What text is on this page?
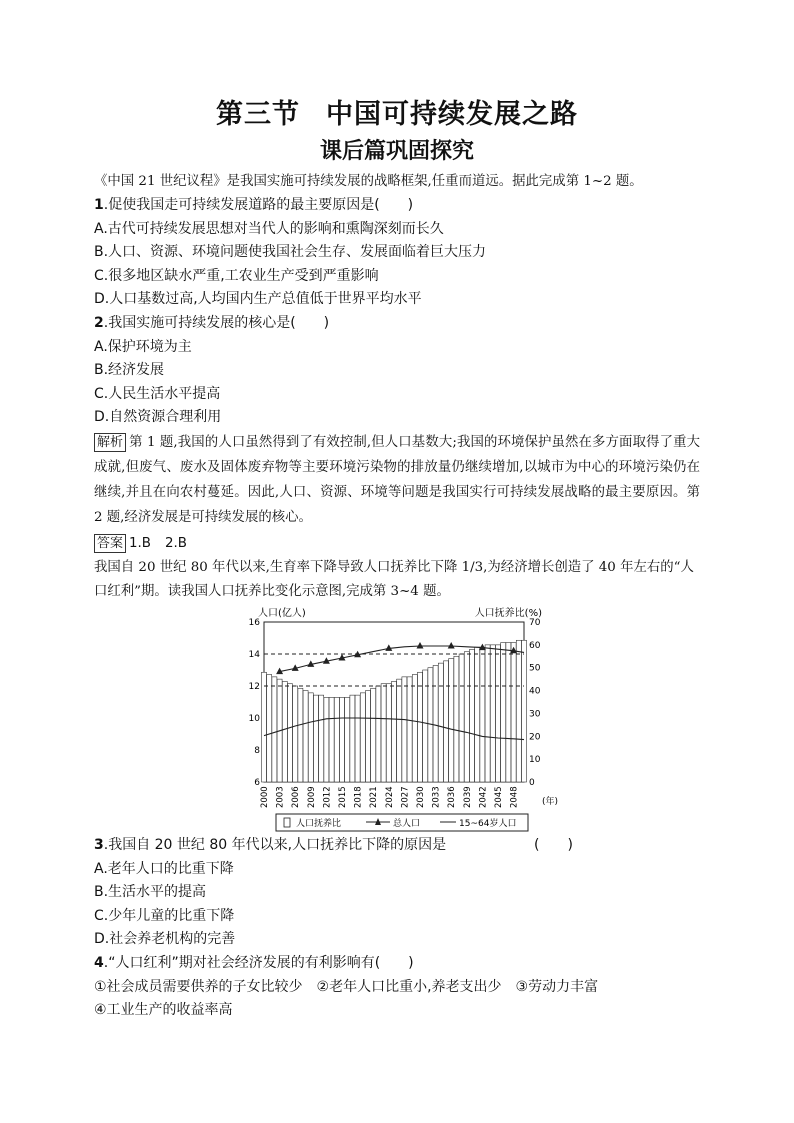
第三节 中国可持续发展之路
课后篇巩固探究

《中国 21 世纪议程》是我国实施可持续发展的战略框架,任重而道远。据此完成第 1~2 题。

1.促使我国走可持续发展道路的最主要原因是(　　)

A.古代可持续发展思想对当代人的影响和熏陶深刻而长久

B.人口、资源、环境问题使我国社会生存、发展面临着巨大压力

C.很多地区缺水严重,工农业生产受到严重影响

D.人口基数过高,人均国内生产总值低于世界平均水平

2.我国实施可持续发展的核心是(　　)

A.保护环境为主

B.经济发展

C.人民生活水平提高

D.自然资源合理利用

解析 第 1 题,我国的人口虽然得到了有效控制,但人口基数大;我国的环境保护虽然在多方面取得了重大成就,但废气、废水及固体废弃物等主要环境污染物的排放量仍继续增加,以城市为中心的环境污染仍在继续,并且在向农村蔓延。因此,人口、资源、环境等问题是我国实行可持续发展战略的最主要原因。第 2 题,经济发展是可持续发展的核心。

答案 1.B 2.B

我国自 20 世纪 80 年代以来,生育率下降导致人口抚养比下降 1/3,为经济增长创造了 40 年左右的“人口红利”期。读我国人口抚养比变化示意图,完成第 3~4 题。

人口(亿人)	人口抚养比(%)
(年)
6
8
10
12
14
16
0
10
20
30
40
50
60
70
2000 2003 2006 2009 2012 2015 2018 2021 2024 2027 2030 2033 2036 2039 2042 2045 2048
人口抚养比	总人口	15~64岁人口

3.我国自 20 世纪 80 年代以来,人口抚养比下降的原因是	(　　)

A.老年人口的比重下降

B.生活水平的提高

C.少年儿童的比重下降

D.社会养老机构的完善

4.“人口红利”期对社会经济发展的有利影响有(　　)

①社会成员需要供养的子女比较少　②老年人口比重小,养老支出少　③劳动力丰富

④工业生产的收益率高
